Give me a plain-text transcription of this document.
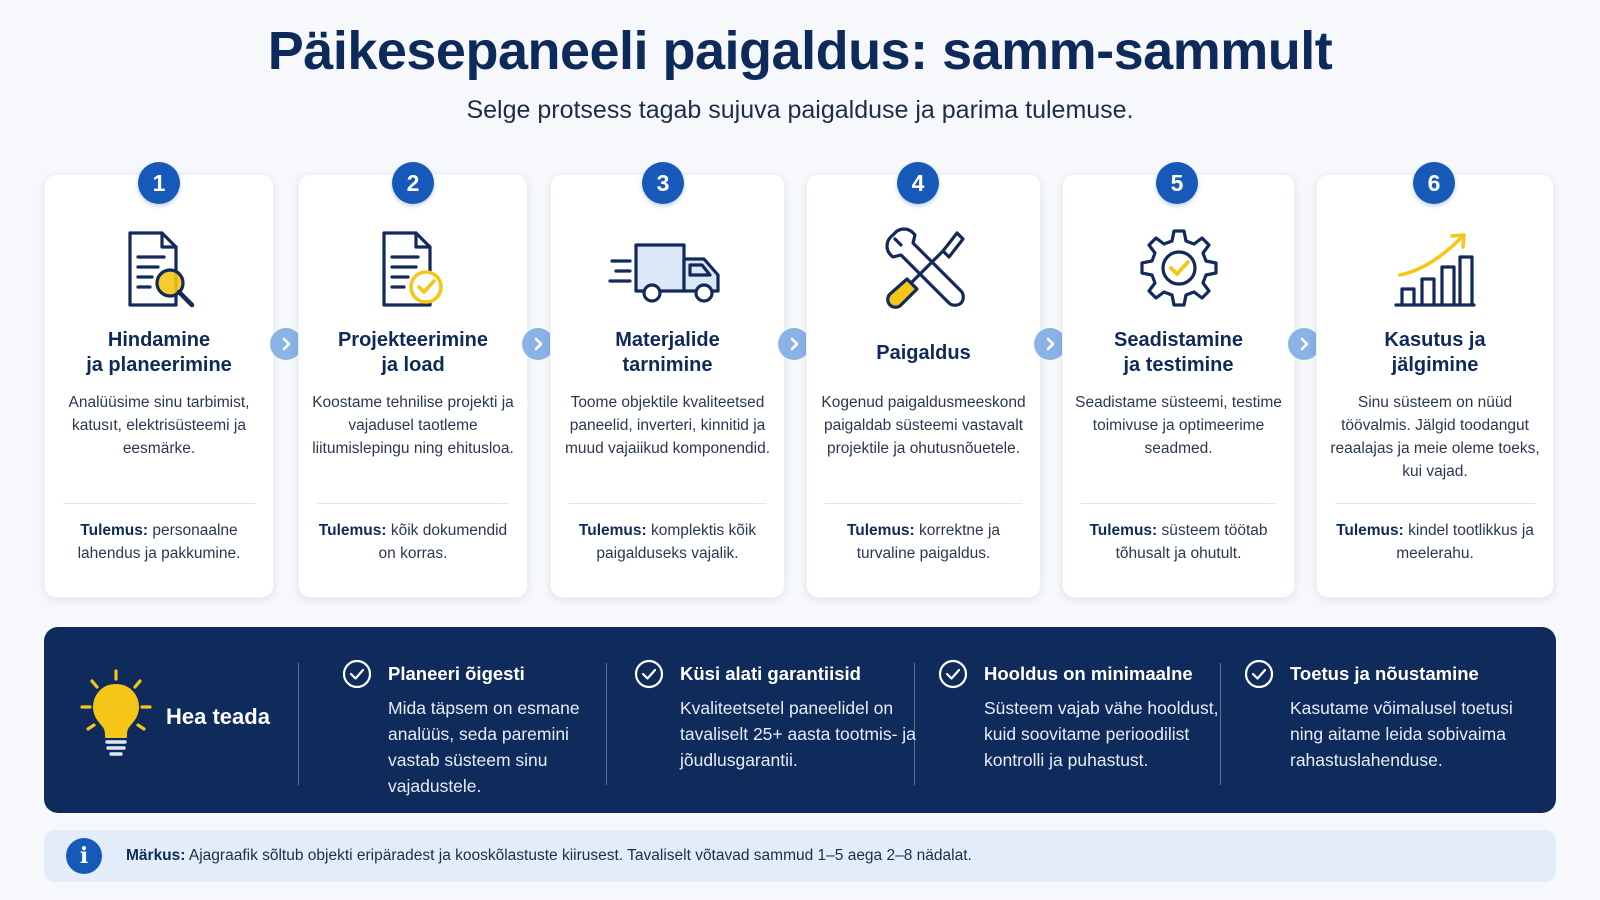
Päikesepaneeli paigaldus: samm-sammult
Selge protsess tagab sujuva paigalduse ja parima tulemuse.
Hindamine
ja planeerimine
Analüüsime sinu tarbimist, katusıt, elektrisüsteemi ja eesmärke.
Tulemus: personaalne lahendus ja pakkumine.
1
Projekteerimine
ja load
Koostame tehnilise projekti ja vajadusel taotleme liitumislepingu ning ehitusloa.
Tulemus: kõik dokumendid on korras.
2
Materjalide
tarnimine
Toome objektile kvaliteetsed paneelid, inverteri, kinnitid ja muud vajaiikud komponendid.
Tulemus: komplektis kõik paigalduseks vajalik.
3
Paigaldus
Kogenud paigaldusmeeskond paigaldab süsteemi vastavalt projektile ja ohutusnõuetele.
Tulemus: korrektne ja turvaline paigaldus.
4
Seadistamine
ja testimine
Seadistame süsteemi, testime toimivuse ja optimeerime seadmed.
Tulemus: süsteem töötab tõhusalt ja ohutult.
5
Kasutus ja
jälgimine
Sinu süsteem on nüüd töövalmis. Jälgid toodangut reaalajas ja meie oleme toeks, kui vajad.
Tulemus: kindel tootlikkus ja meelerahu.
6
Hea teada
Planeeri õigesti
Mida täpsem on esmane analüüs, seda paremini vastab süsteem sinu vajadustele.
Küsi alati garantiisid
Kvaliteetsetel paneelidel on tavaliselt 25+ aasta tootmis- ja jõudlusgarantii.
Hooldus on minimaalne
Süsteem vajab vähe hooldust, kuid soovitame perioodilist kontrolli ja puhastust.
Toetus ja nõustamine
Kasutame võimalusel toetusi ning aitame leida sobivaima rahastuslahenduse.
i	Märkus: Ajagraafik sõltub objekti eripäradest ja kooskõlastuste kiirusest. Tavaliselt võtavad sammud 1–5 aega 2–8 nädalat.
